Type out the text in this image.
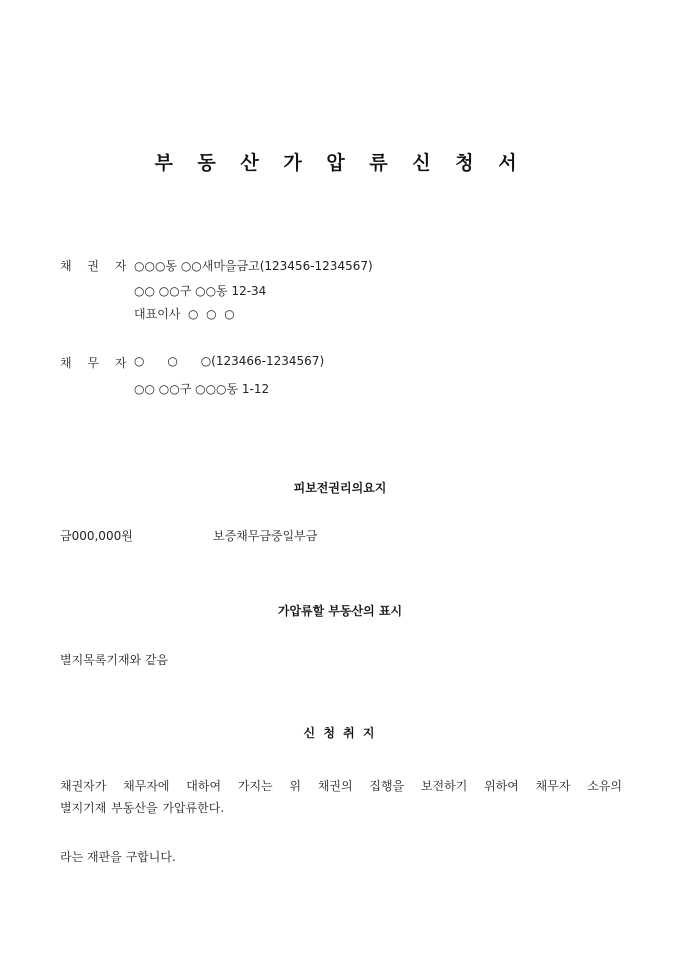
부 동 산 가 압 류 신 청 서
채 권 자 ○○○동 ○○새마을금고(123456-1234567)
○○ ○○구 ○○동 12-34
대표이사  ○  ○  ○
채 무 자 ○      ○      ○(123466-1234567)
○○ ○○구 ○○○동 1-12
피보전권리의요지
금000,000원	보증채무금중일부금
가압류할 부동산의 표시
별지목록기재와 같음
신 청 취 지
채권자가 채무자에 대하여 가지는 위 채권의 집행을 보전하기 위하여 채무자 소유의
별지기재 부동산을 가압류한다.
라는 재판을 구합니다.
